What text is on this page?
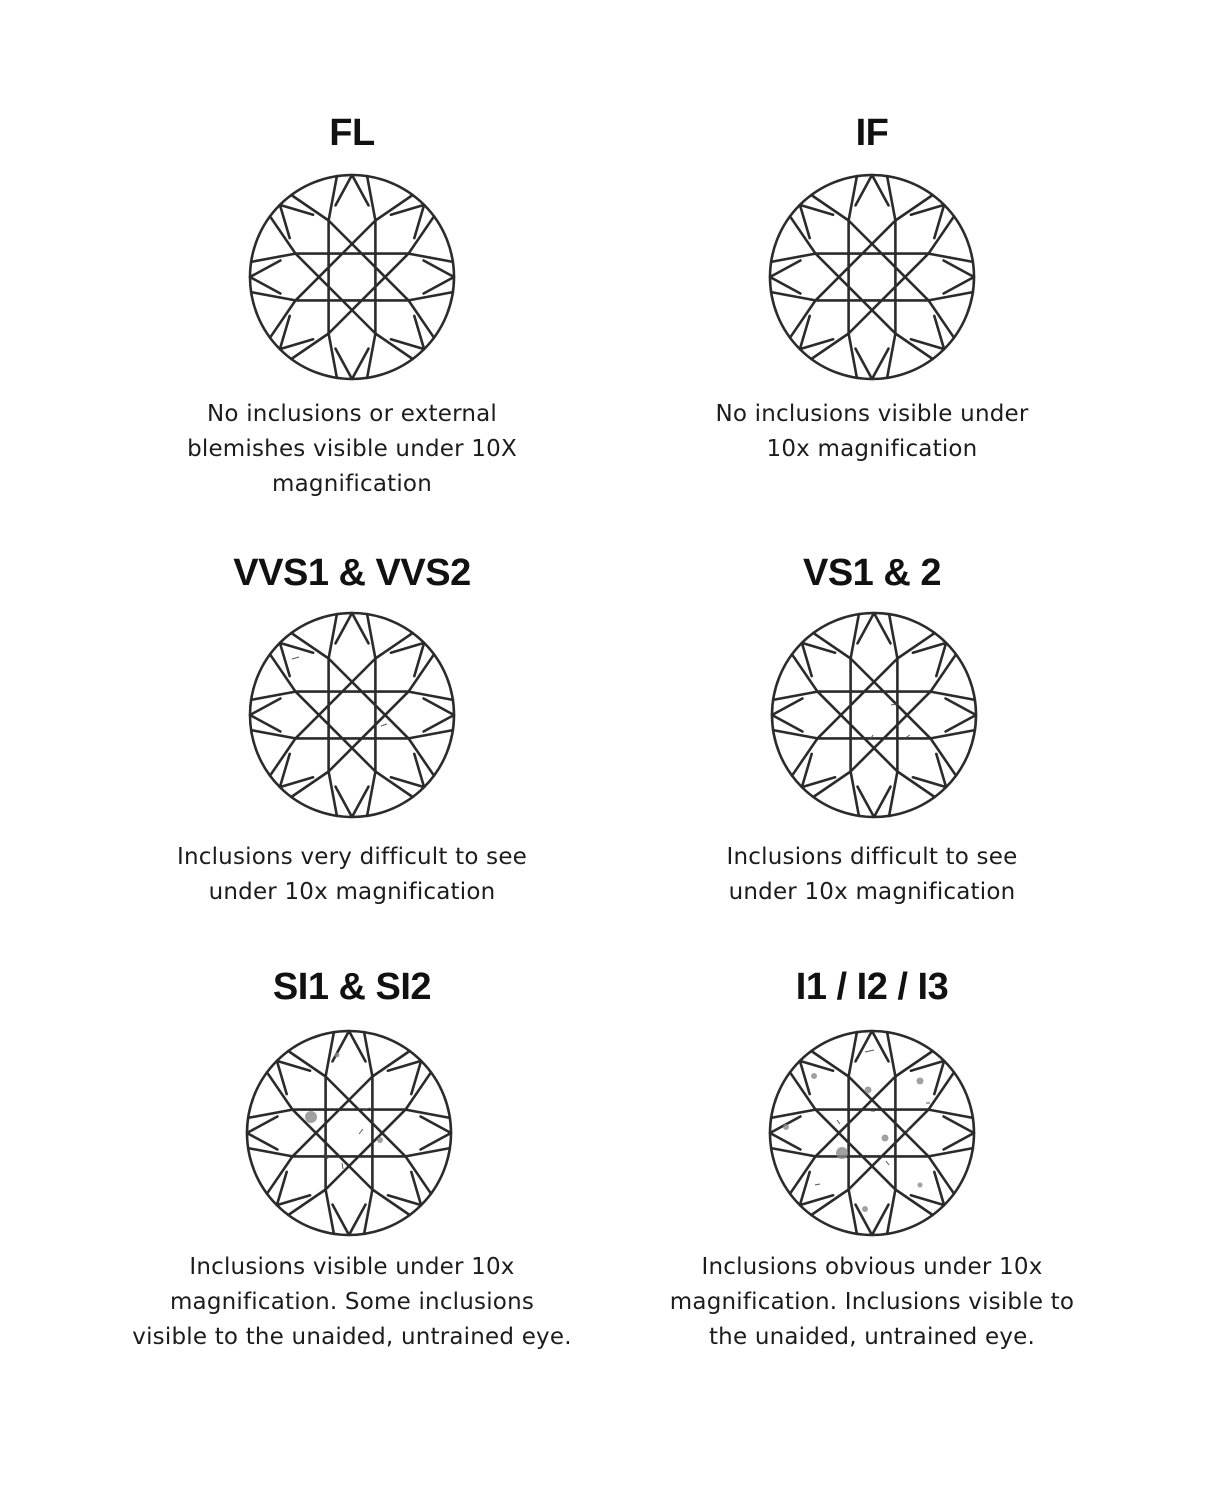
FL
No inclusions or external
blemishes visible under 10X
magnification
IF
No inclusions visible under
10x magnification
VVS1 & VVS2
Inclusions very difficult to see
under 10x magnification
VS1 & 2
Inclusions difficult to see
under 10x magnification
SI1 & SI2
Inclusions visible under 10x
magnification. Some inclusions
visible to the unaided, untrained eye.
I1 / I2 / I3
Inclusions obvious under 10x
magnification. Inclusions visible to
the unaided, untrained eye.
